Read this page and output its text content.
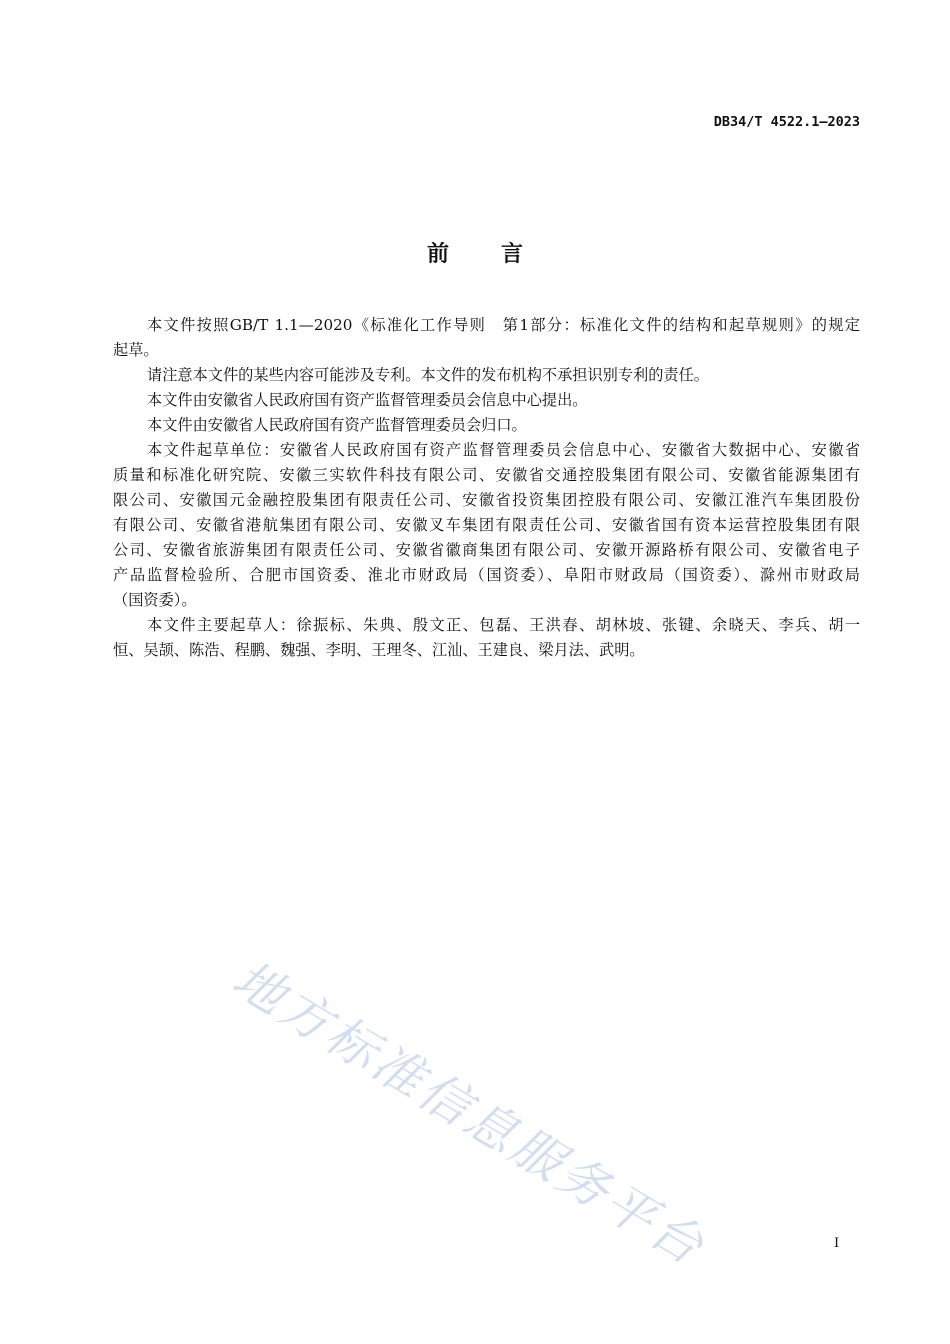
DB34/T 4522.1—2023
前言
本文件按照GB/T 1.1—2020《标准化工作导则　第1部分：标准化文件的结构和起草规则》的规定
起草。
请注意本文件的某些内容可能涉及专利。本文件的发布机构不承担识别专利的责任。
本文件由安徽省人民政府国有资产监督管理委员会信息中心提出。
本文件由安徽省人民政府国有资产监督管理委员会归口。
本文件起草单位：安徽省人民政府国有资产监督管理委员会信息中心、安徽省大数据中心、安徽省
质量和标准化研究院、安徽三实软件科技有限公司、安徽省交通控股集团有限公司、安徽省能源集团有
限公司、安徽国元金融控股集团有限责任公司、安徽省投资集团控股有限公司、安徽江淮汽车集团股份
有限公司、安徽省港航集团有限公司、安徽叉车集团有限责任公司、安徽省国有资本运营控股集团有限
公司、安徽省旅游集团有限责任公司、安徽省徽商集团有限公司、安徽开源路桥有限公司、安徽省电子
产品监督检验所、合肥市国资委、淮北市财政局（国资委）、阜阳市财政局（国资委）、滁州市财政局
（国资委）。
本文件主要起草人：徐振标、朱典、殷文正、包磊、王洪春、胡林坡、张键、余晓天、李兵、胡一
恒、吴颉、陈浩、程鹏、魏强、李明、王理冬、江汕、王建良、梁月法、武明。
地方标准信息服务平台	I
